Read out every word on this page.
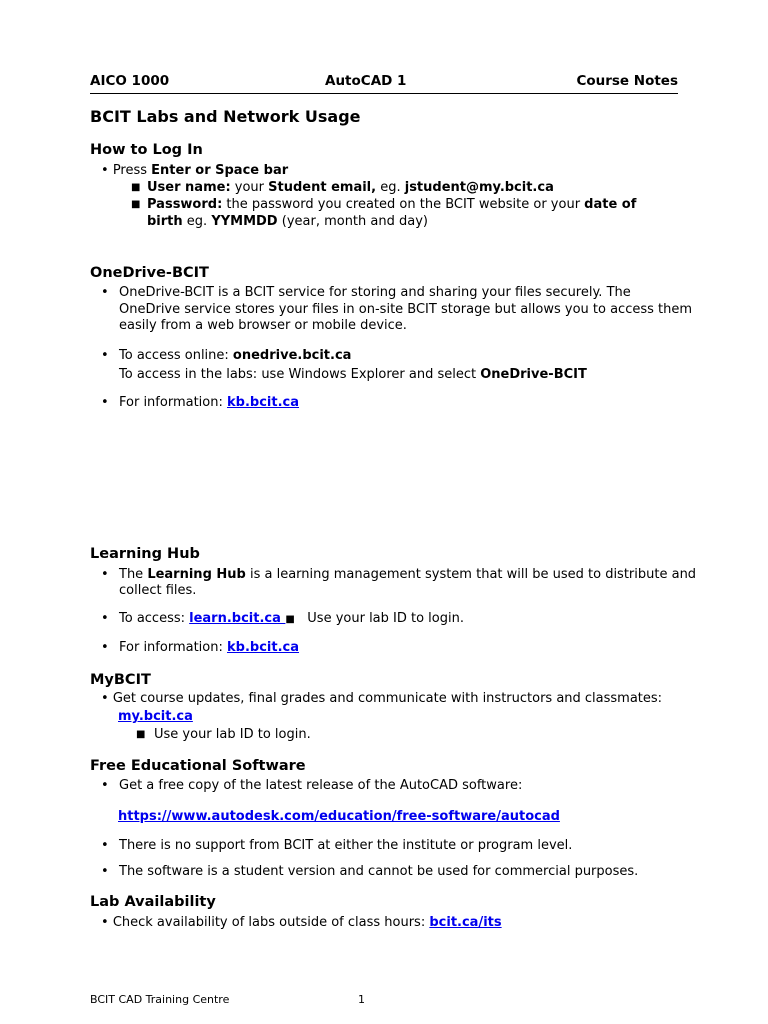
AICO 1000	AutoCAD 1	Course Notes
BCIT Labs and Network Usage
How to Log In
• Press Enter or Space bar
■ User name: your Student email, eg. jstudent@my.bcit.ca
■ Password: the password you created on the BCIT website or your date of
birth eg. YYMMDD (year, month and day)
OneDrive-BCIT
• OneDrive-BCIT is a BCIT service for storing and sharing your files securely. The
OneDrive service stores your files in on-site BCIT storage but allows you to access them
easily from a web browser or mobile device.
• To access online: onedrive.bcit.ca
To access in the labs: use Windows Explorer and select OneDrive-BCIT
• For information: kb.bcit.ca
Learning Hub
• The Learning Hub is a learning management system that will be used to distribute and
collect files.
• To access: learn.bcit.ca ■ Use your lab ID to login.
• For information: kb.bcit.ca
MyBCIT
• Get course updates, final grades and communicate with instructors and classmates:
my.bcit.ca
■ Use your lab ID to login.
Free Educational Software
• Get a free copy of the latest release of the AutoCAD software:
https://www.autodesk.com/education/free-software/autocad
• There is no support from BCIT at either the institute or program level.
• The software is a student version and cannot be used for commercial purposes.
Lab Availability
• Check availability of labs outside of class hours: bcit.ca/its
BCIT CAD Training Centre	1
